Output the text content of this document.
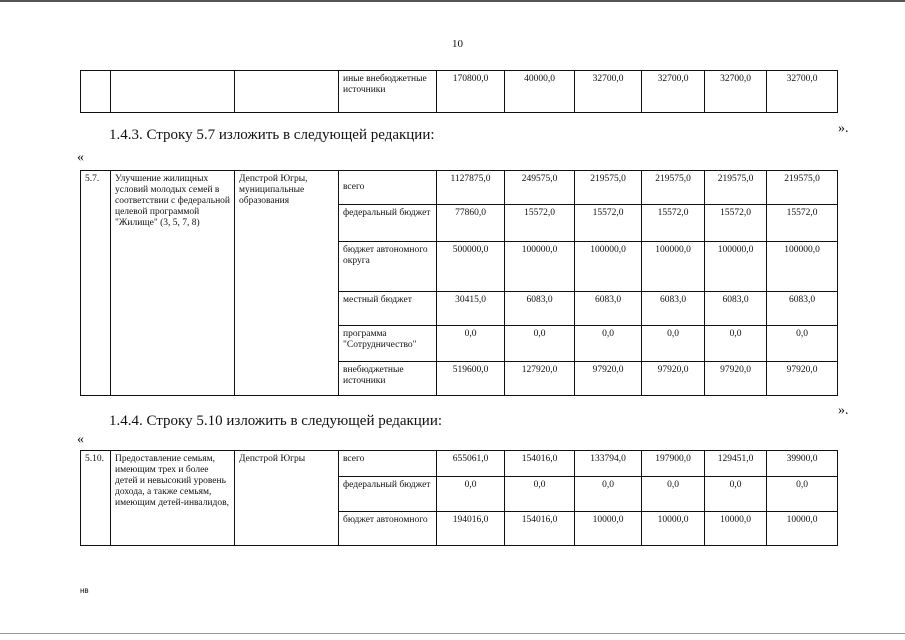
10
			иные внебюджетные источники	170800,0	40000,0	32700,0	32700,0	32700,0	32700,0
».
1.4.3. Строку 5.7 изложить в следующей редакции:
«
5.7.	Улучшение жилищных условий молодых семей в соответствии с федеральной целевой программой "Жилище" (3, 5, 7, 8)	Депстрой Югры, муниципальные образования	всего	1127875,0	249575,0	219575,0	219575,0	219575,0	219575,0
			федеральный бюджет	77860,0	15572,0	15572,0	15572,0	15572,0	15572,0
			бюджет автономного округа	500000,0	100000,0	100000,0	100000,0	100000,0	100000,0
			местный бюджет	30415,0	6083,0	6083,0	6083,0	6083,0	6083,0
			программа "Сотрудничество"	0,0	0,0	0,0	0,0	0,0	0,0
			внебюджетные источники	519600,0	127920,0	97920,0	97920,0	97920,0	97920,0
».
1.4.4. Строку 5.10 изложить в следующей редакции:
«
5.10.	Предоставление семьям, имеющим трех и более детей и невысокий уровень дохода, а также семьям, имеющим детей-инвалидов,	Депстрой Югры	всего	655061,0	154016,0	133794,0	197900,0	129451,0	39900,0
			федеральный бюджет	0,0	0,0	0,0	0,0	0,0	0,0
			бюджет автономного	194016,0	154016,0	10000,0	10000,0	10000,0	10000,0
нв
